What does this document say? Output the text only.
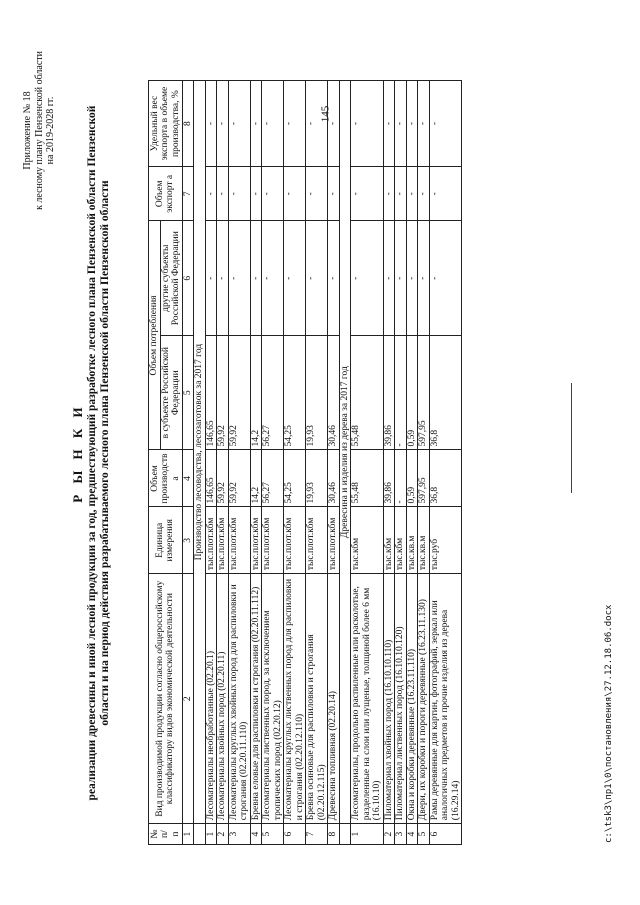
145
Приложение № 18 к лесному плану Пензенской области на 2019-2028 гг.
Р Ы Н К И реализации древесины и иной лесной продукции за год, предшествующий разработке лесного плана Пензенской области Пензенской области и на период действия разрабатываемого лесного плана Пензенской области Пензенской области
№ п/ п	Вид производимой продукции согласно общероссийскому классификатору видов экономической деятельности	Единица измерения	Объем производств а	Объем потребления		Объем экспорт а	Удельный вес экспорта в объеме производства, %
				в субъекте Российской Федерации	другие субъекты Российской Федерации		
1	2	3	4	5	6	7	8
	Производство лесоводства, лесозаготовок за 2017 год						
1	Лесоматериалы необработанные (02.20.1)	тыс.плот.кбм	146,65	146,65	-	-	-
2	Лесоматериалы хвойных пород (02.20.11)	тыс.плот.кбм	59,92	59,92	-	-	-
3	Лесоматериалы круглых хвойных пород для распиловки и строгания (02.20.11.110)	тыс.плот.кбм	59,92	59,92	-	-	-
4	Бревна еловые для распиловки и строгания (02.20.11.112)	тыс.плот.кбм	14,2	14,2	-	-	-
5	Лесоматериалы лиственных пород, за исключением тропических пород (02.20.12)	тыс.плот.кбм	56,27	56,27	-	-	-
6	Лесоматериалы круглых лиственных пород для распиловки и строгания (02.20.12.110)	тыс.плот.кбм	54,25	54,25	-	-	-
7	Бревна осиновые для распиловки и строгания (02.20.12.115)	тыс.плот.кбм	19,93	19,93	-	-	-
8	Древесина топливная (02.20.14)	тыс.плот.кбм	30,46	30,46	-	-	-
	Древесина и изделия из дерева за 2017 год						
1	Лесоматериалы, продольно распиленные или расколотые, разделенные на слои или лущеные, толщиной более 6 мм (16.10.10)	тыс.кбм	55,48	55,48	-	-	-
2	Пиломатериал хвойных пород (16.10.10.110)	тыс.кбм	39,86	39,86	-	-	-
3	Пиломатериал лиственных пород (16.10.10.120)	тыс.кбм	-	-	-	-	-
4	Окна и коробки деревянные (16.23.11.110)	тыс.кв.м	0,59	0,59	-	-	-
5	Двери, их коробки и пороги деревянные (16.23.11.130)	тыс.кв.м	597,95	597,95	-	-	-
6	Рамы деревянные для картин, фотографий, зеркал или аналогичных предметов и прочие изделия из дерева (16.29.14)	тыс.руб	36,8	36,8	-	-	-
c:\tsk3\пр1\0\постановления\27.12.18.06.docx
